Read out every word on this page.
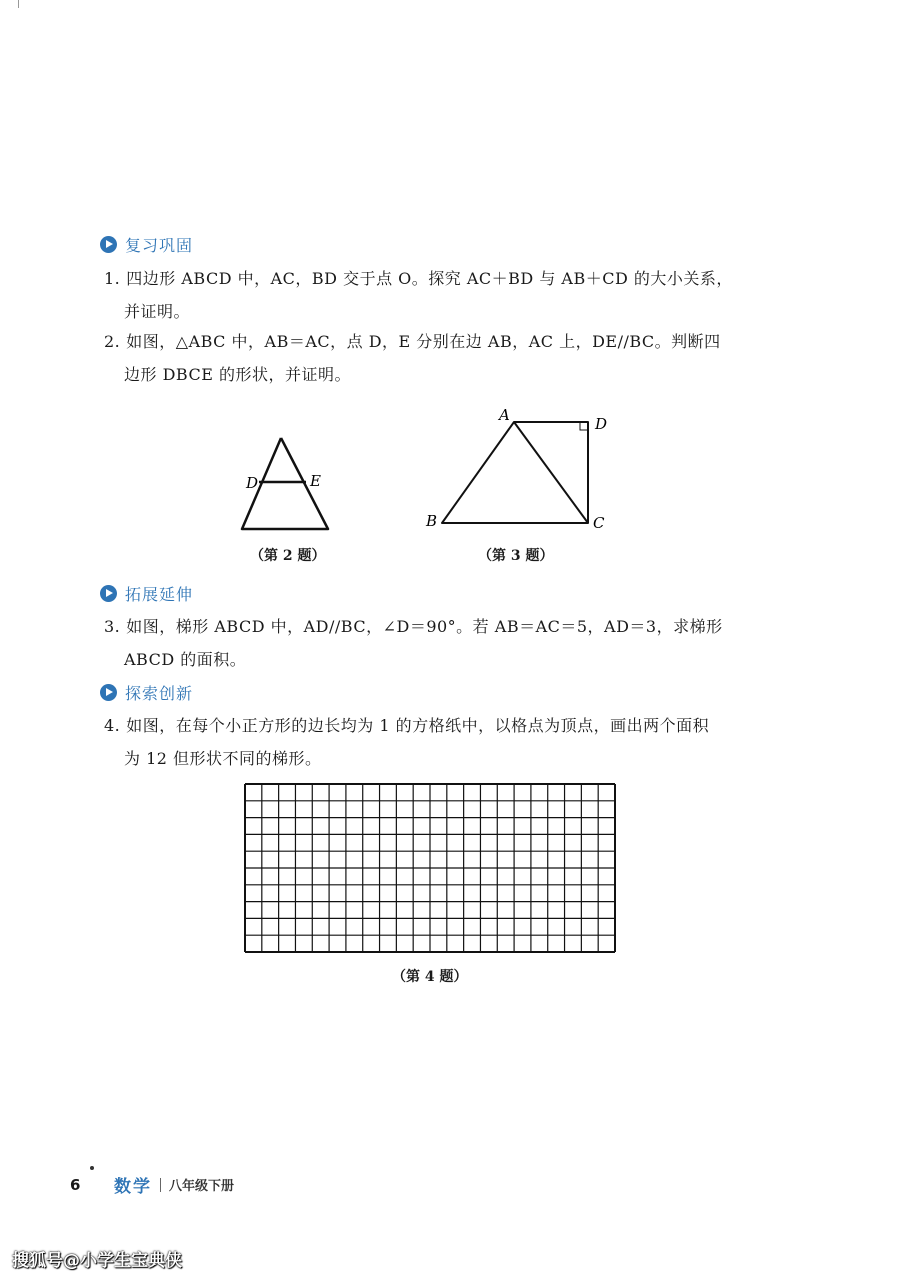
复习巩固
1. 四边形 ABCD 中，AC，BD 交于点 O。探究 AC＋BD 与 AB＋CD 的大小关系，
并证明。
2. 如图，△ABC 中，AB＝AC，点 D，E 分别在边 AB，AC 上，DE//BC。判断四
边形 DBCE 的形状，并证明。
D	E
（第 2 题）
A	D
B	C
（第 3 题）
拓展延伸
3. 如图，梯形 ABCD 中，AD//BC，∠D＝90°。若 AB＝AC＝5，AD＝3，求梯形
ABCD 的面积。
探索创新
4. 如图，在每个小正方形的边长均为 1 的方格纸中，以格点为顶点，画出两个面积
为 12 但形状不同的梯形。
（第 4 题）
6	数学 八年级下册
搜狐号@小学生宝典侠
